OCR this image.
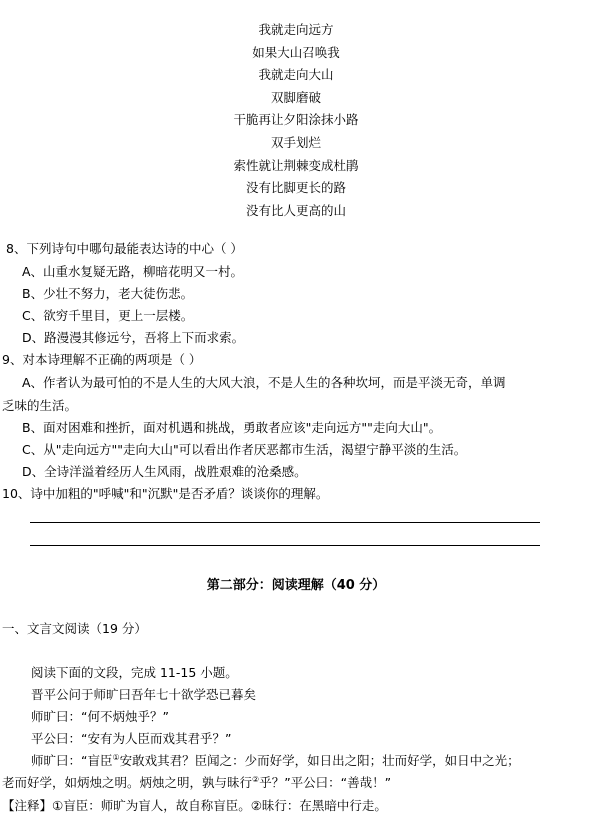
我就走向远方
如果大山召唤我
我就走向大山
双脚磨破
干脆再让夕阳涂抹小路
双手划烂
索性就让荆棘变成杜鹃
没有比脚更长的路
没有比人更高的山
8、下列诗句中哪句最能表达诗的中心（ ）
A、山重水复疑无路，柳暗花明又一村。
B、少壮不努力，老大徒伤悲。
C、欲穷千里目，更上一层楼。
D、路漫漫其修远兮，吾将上下而求索。
9、对本诗理解不正确的两项是（ ）
A、作者认为最可怕的不是人生的大风大浪，不是人生的各种坎坷，而是平淡无奇，单调
乏味的生活。
B、面对困难和挫折，面对机遇和挑战，勇敢者应该"走向远方""走向大山"。
C、从"走向远方""走向大山"可以看出作者厌恶都市生活，渴望宁静平淡的生活。
D、全诗洋溢着经历人生风雨，战胜艰难的沧桑感。
10、诗中加粗的"呼喊"和"沉默"是否矛盾？谈谈你的理解。
第二部分：阅读理解（40 分）
一、文言文阅读（19 分）
阅读下面的文段，完成 11-15 小题。
晋平公问于师旷曰吾年七十欲学恐已暮矣
师旷曰：“何不炳烛乎？”
平公曰：“安有为人臣而戏其君乎？”
师旷曰：“盲臣①安敢戏其君？臣闻之：少而好学，如日出之阳；壮而好学，如日中之光；
老而好学，如炳烛之明。炳烛之明，孰与昧行②乎？”平公曰：“善哉！”
【注释】①盲臣：师旷为盲人，故自称盲臣。②昧行：在黑暗中行走。
